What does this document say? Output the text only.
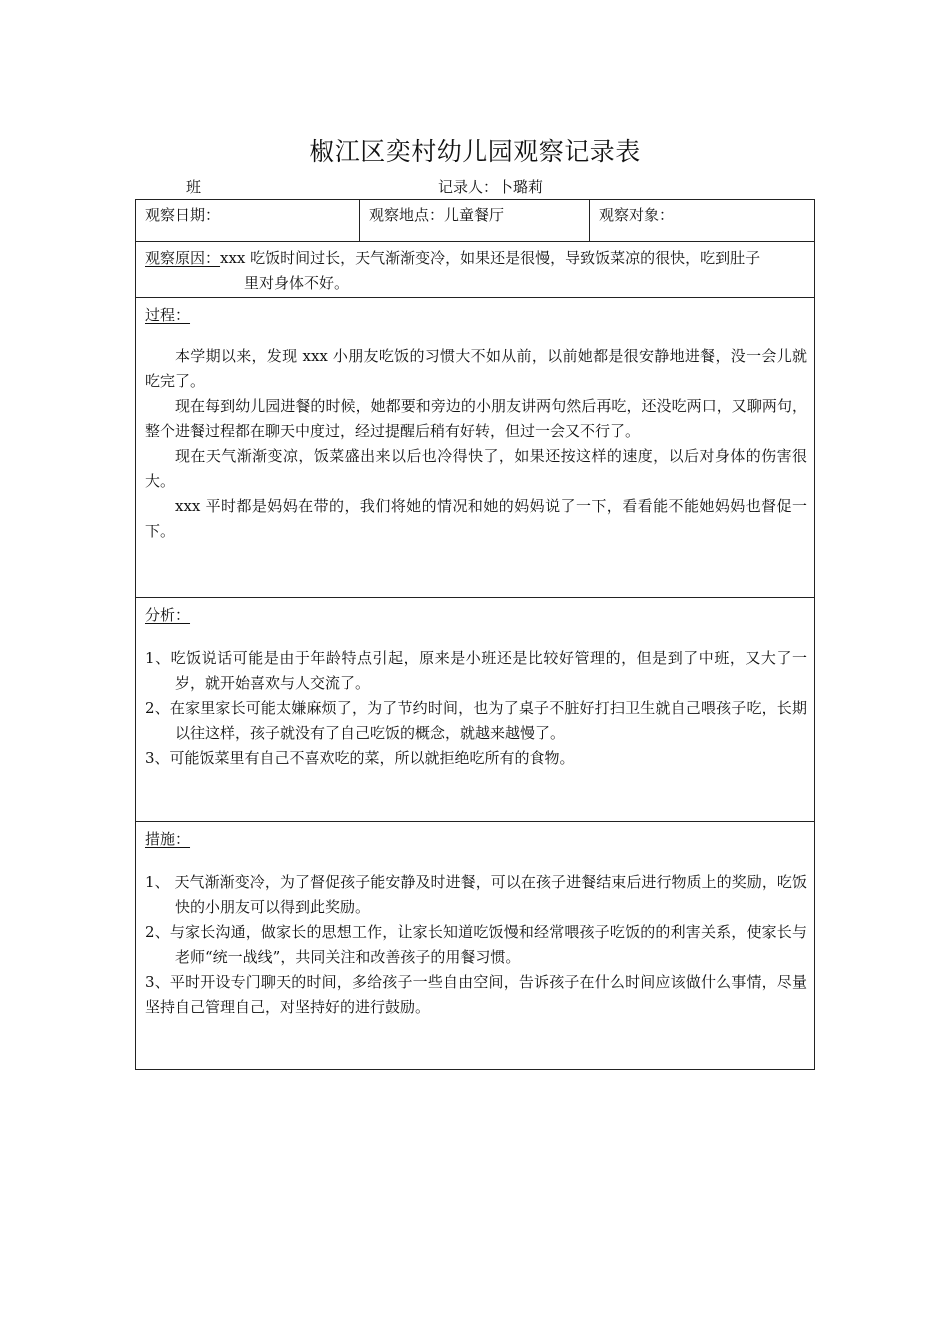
椒江区奕村幼儿园观察记录表
班	记录人：卜璐莉
观察日期：	观察地点：儿童餐厅	观察对象：
观察原因：xxx 吃饭时间过长，天气渐渐变冷，如果还是很慢，导致饭菜凉的很快，吃到肚子
里对身体不好。
过程：

本学期以来，发现 xxx 小朋友吃饭的习惯大不如从前，以前她都是很安静地进餐，没一会儿就吃完了。

现在每到幼儿园进餐的时候，她都要和旁边的小朋友讲两句然后再吃，还没吃两口，又聊两句，整个进餐过程都在聊天中度过，经过提醒后稍有好转，但过一会又不行了。

现在天气渐渐变凉，饭菜盛出来以后也冷得快了，如果还按这样的速度，以后对身体的伤害很大。

xxx 平时都是妈妈在带的，我们将她的情况和她的妈妈说了一下，看看能不能她妈妈也督促一下。

分析：

1、吃饭说话可能是由于年龄特点引起，原来是小班还是比较好管理的，但是到了中班，又大了一岁，就开始喜欢与人交流了。

2、在家里家长可能太嫌麻烦了，为了节约时间，也为了桌子不脏好打扫卫生就自己喂孩子吃，长期以往这样，孩子就没有了自己吃饭的概念，就越来越慢了。

3、可能饭菜里有自己不喜欢吃的菜，所以就拒绝吃所有的食物。

措施：

1、 天气渐渐变冷，为了督促孩子能安静及时进餐，可以在孩子进餐结束后进行物质上的奖励，吃饭快的小朋友可以得到此奖励。

2、与家长沟通，做家长的思想工作，让家长知道吃饭慢和经常喂孩子吃饭的的利害关系，使家长与老师“统一战线”，共同关注和改善孩子的用餐习惯。

3、平时开设专门聊天的时间，多给孩子一些自由空间，告诉孩子在什么时间应该做什么事情，尽量坚持自己管理自己，对坚持好的进行鼓励。
